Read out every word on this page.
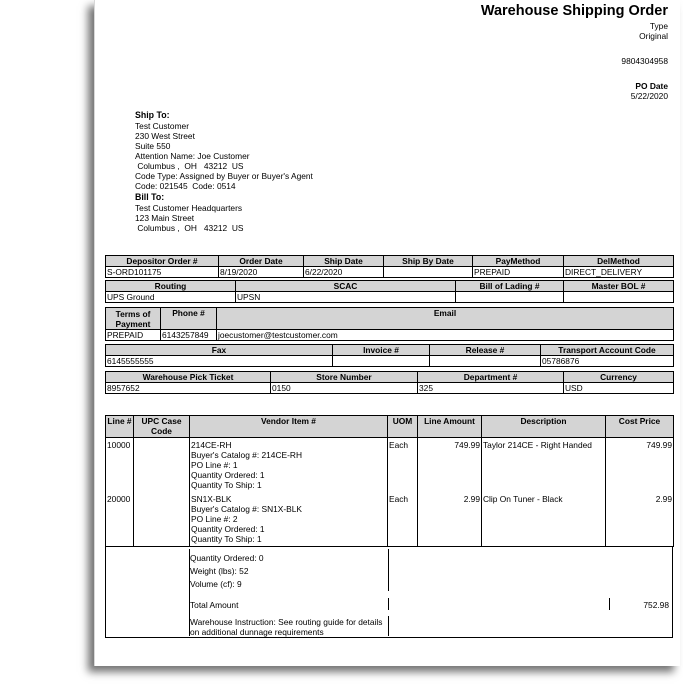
Warehouse Shipping Order
Type
Original
9804304958
PO Date
5/22/2020
Ship To:
Test Customer
230 West Street
Suite 550
Attention Name: Joe Customer
Columbus ,  OH   43212  US
Code Type: Assigned by Buyer or Buyer's Agent
Code: 021545  Code: 0514
Bill To:
Test Customer Headquarters
123 Main Street
Columbus ,  OH   43212  US
Depositor Order #	Order Date	Ship Date	Ship By Date	PayMethod	DelMethod
S-ORD101175	8/19/2020	6/22/2020		PREPAID	DIRECT_DELIVERY
Routing	SCAC	Bill of Lading #	Master BOL #
UPS Ground	UPSN		
Terms of Payment	Phone #	Email
PREPAID	6143257849	joecustomer@testcustomer.com
Fax	Invoice #	Release #	Transport Account Code
6145555555			05786876
Warehouse Pick Ticket	Store Number	Department #	Currency
8957652	0150	325	USD
Line #	UPC Case Code	Vendor Item #	UOM	Line Amount	Description	Cost Price
10000		214CE-RH
Buyer's Catalog #: 214CE-RH
PO Line #: 1
Quantity Ordered: 1
Quantity To Ship: 1	Each	749.99	Taylor 214CE - Right Handed	749.99
20000		SN1X-BLK
Buyer's Catalog #: SN1X-BLK
PO Line #: 2
Quantity Ordered: 1
Quantity To Ship: 1	Each	2.99	Clip On Tuner - Black	2.99
Quantity Ordered: 0
Weight (lbs): 52
Volume (cf): 9
Total Amount	752.98
Warehouse Instruction: See routing guide for details on additional dunnage requirements
